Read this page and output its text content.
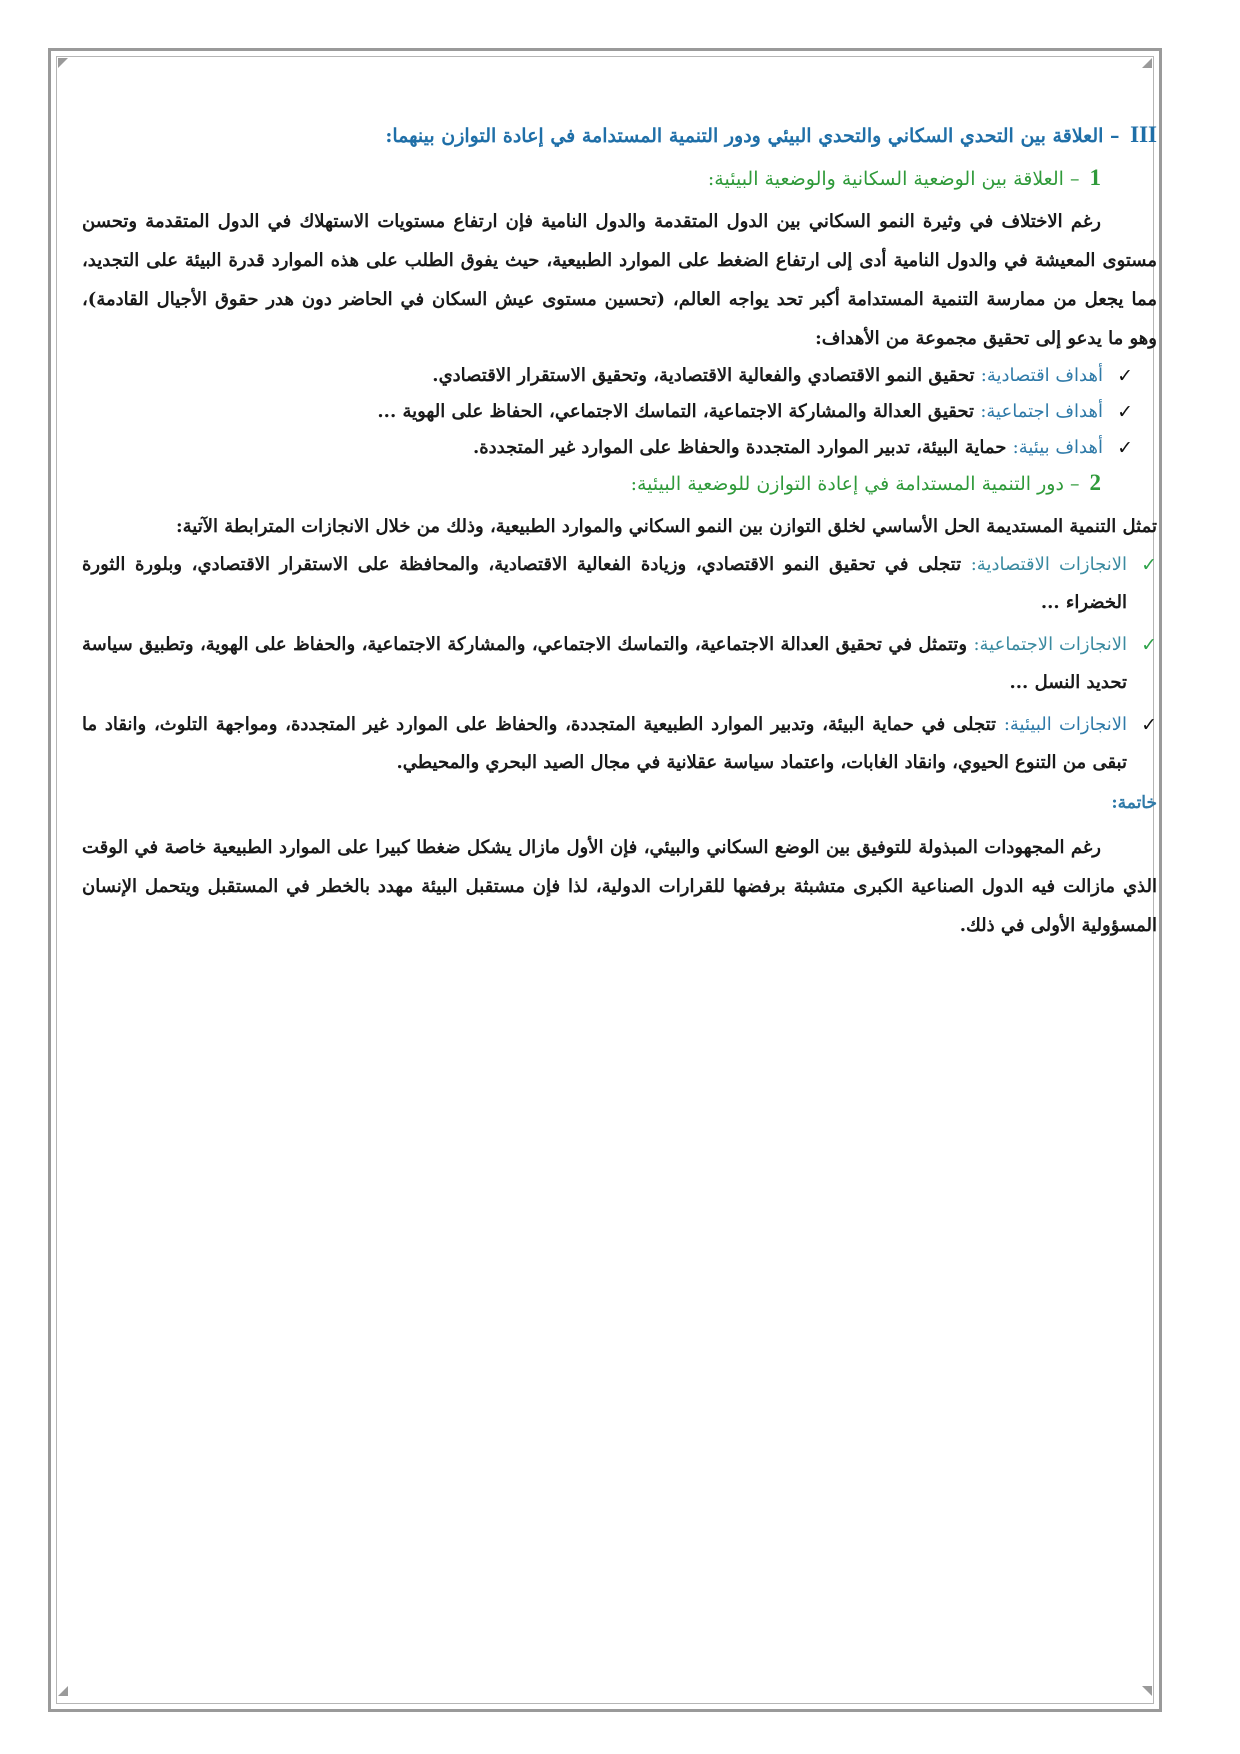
III – العلاقة بين التحدي السكاني والتحدي البيئي ودور التنمية المستدامة في إعادة التوازن بينهما:
1 – العلاقة بين الوضعية السكانية والوضعية البيئية:

رغم الاختلاف في وثيرة النمو السكاني بين الدول المتقدمة والدول النامية فإن ارتفاع مستويات الاستهلاك في الدول المتقدمة وتحسن مستوى المعيشة في والدول النامية أدى إلى ارتفاع الضغط على الموارد الطبيعية، حيث يفوق الطلب على هذه الموارد قدرة البيئة على التجديد، مما يجعل من ممارسة التنمية المستدامة أكبر تحد يواجه العالم، (تحسين مستوى عيش السكان في الحاضر دون هدر حقوق الأجيال القادمة)، وهو ما يدعو إلى تحقيق مجموعة من الأهداف:

✓
أهداف اقتصادية: تحقيق النمو الاقتصادي والفعالية الاقتصادية، وتحقيق الاستقرار الاقتصادي.
✓
أهداف اجتماعية: تحقيق العدالة والمشاركة الاجتماعية، التماسك الاجتماعي، الحفاظ على الهوية ...
✓
أهداف بيئية: حماية البيئة، تدبير الموارد المتجددة والحفاظ على الموارد غير المتجددة.
2 – دور التنمية المستدامة في إعادة التوازن للوضعية البيئية:

تمثل التنمية المستديمة الحل الأساسي لخلق التوازن بين النمو السكاني والموارد الطبيعية، وذلك من خلال الانجازات المترابطة الآتية:

✓
الانجازات الاقتصادية: تتجلى في تحقيق النمو الاقتصادي، وزيادة الفعالية الاقتصادية، والمحافظة على الاستقرار الاقتصادي، وبلورة الثورة الخضراء ...
✓
الانجازات الاجتماعية: وتتمثل في تحقيق العدالة الاجتماعية، والتماسك الاجتماعي، والمشاركة الاجتماعية، والحفاظ على الهوية، وتطبيق سياسة تحديد النسل ...
✓
الانجازات البيئية: تتجلى في حماية البيئة، وتدبير الموارد الطبيعية المتجددة، والحفاظ على الموارد غير المتجددة، ومواجهة التلوث، وانقاد ما تبقى من التنوع الحيوي، وانقاد الغابات، واعتماد سياسة عقلانية في مجال الصيد البحري والمحيطي.
خاتمة:

رغم المجهودات المبذولة للتوفيق بين الوضع السكاني والبيئي، فإن الأول مازال يشكل ضغطا كبيرا على الموارد الطبيعية خاصة في الوقت الذي مازالت فيه الدول الصناعية الكبرى متشبثة برفضها للقرارات الدولية، لذا فإن مستقبل البيئة مهدد بالخطر في المستقبل ويتحمل الإنسان المسؤولية الأولى في ذلك.
